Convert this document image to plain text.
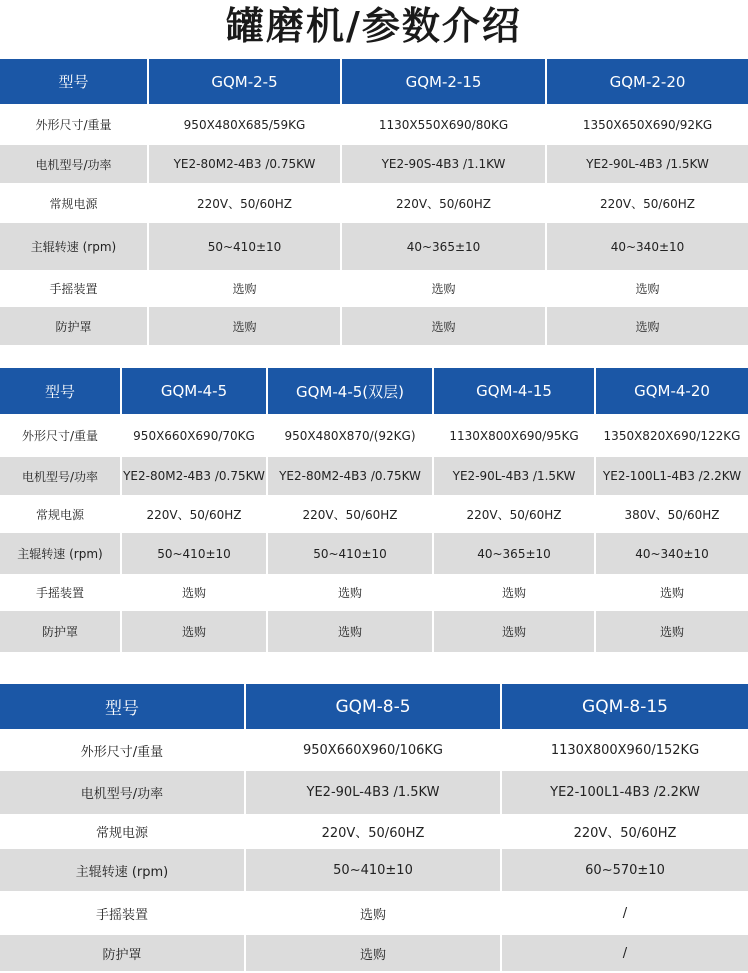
罐磨机/参数介绍
型号	GQM-2-5	GQM-2-15	GQM-2-20
外形尺寸/重量	950X480X685/59KG	1130X550X690/80KG	1350X650X690/92KG
电机型号/功率	YE2-80M2-4B3 /0.75KW	YE2-90S-4B3 /1.1KW	YE2-90L-4B3 /1.5KW
常规电源	220V、50/60HZ	220V、50/60HZ	220V、50/60HZ
主辊转速 (rpm)	50~410±10	40~365±10	40~340±10
手摇装置	选购	选购	选购
防护罩	选购	选购	选购
型号	GQM-4-5	GQM-4-5(双层)	GQM-4-15	GQM-4-20
外形尺寸/重量	950X660X690/70KG	950X480X870/(92KG)	1130X800X690/95KG	1350X820X690/122KG
电机型号/功率	YE2-80M2-4B3 /0.75KW	YE2-80M2-4B3 /0.75KW	YE2-90L-4B3 /1.5KW	YE2-100L1-4B3 /2.2KW
常规电源	220V、50/60HZ	220V、50/60HZ	220V、50/60HZ	380V、50/60HZ
主辊转速 (rpm)	50~410±10	50~410±10	40~365±10	40~340±10
手摇装置	选购	选购	选购	选购
防护罩	选购	选购	选购	选购
型号	GQM-8-5	GQM-8-15
外形尺寸/重量	950X660X960/106KG	1130X800X960/152KG
电机型号/功率	YE2-90L-4B3 /1.5KW	YE2-100L1-4B3 /2.2KW
常规电源	220V、50/60HZ	220V、50/60HZ
主辊转速 (rpm)	50~410±10	60~570±10
手摇装置	选购	/
防护罩	选购	/
